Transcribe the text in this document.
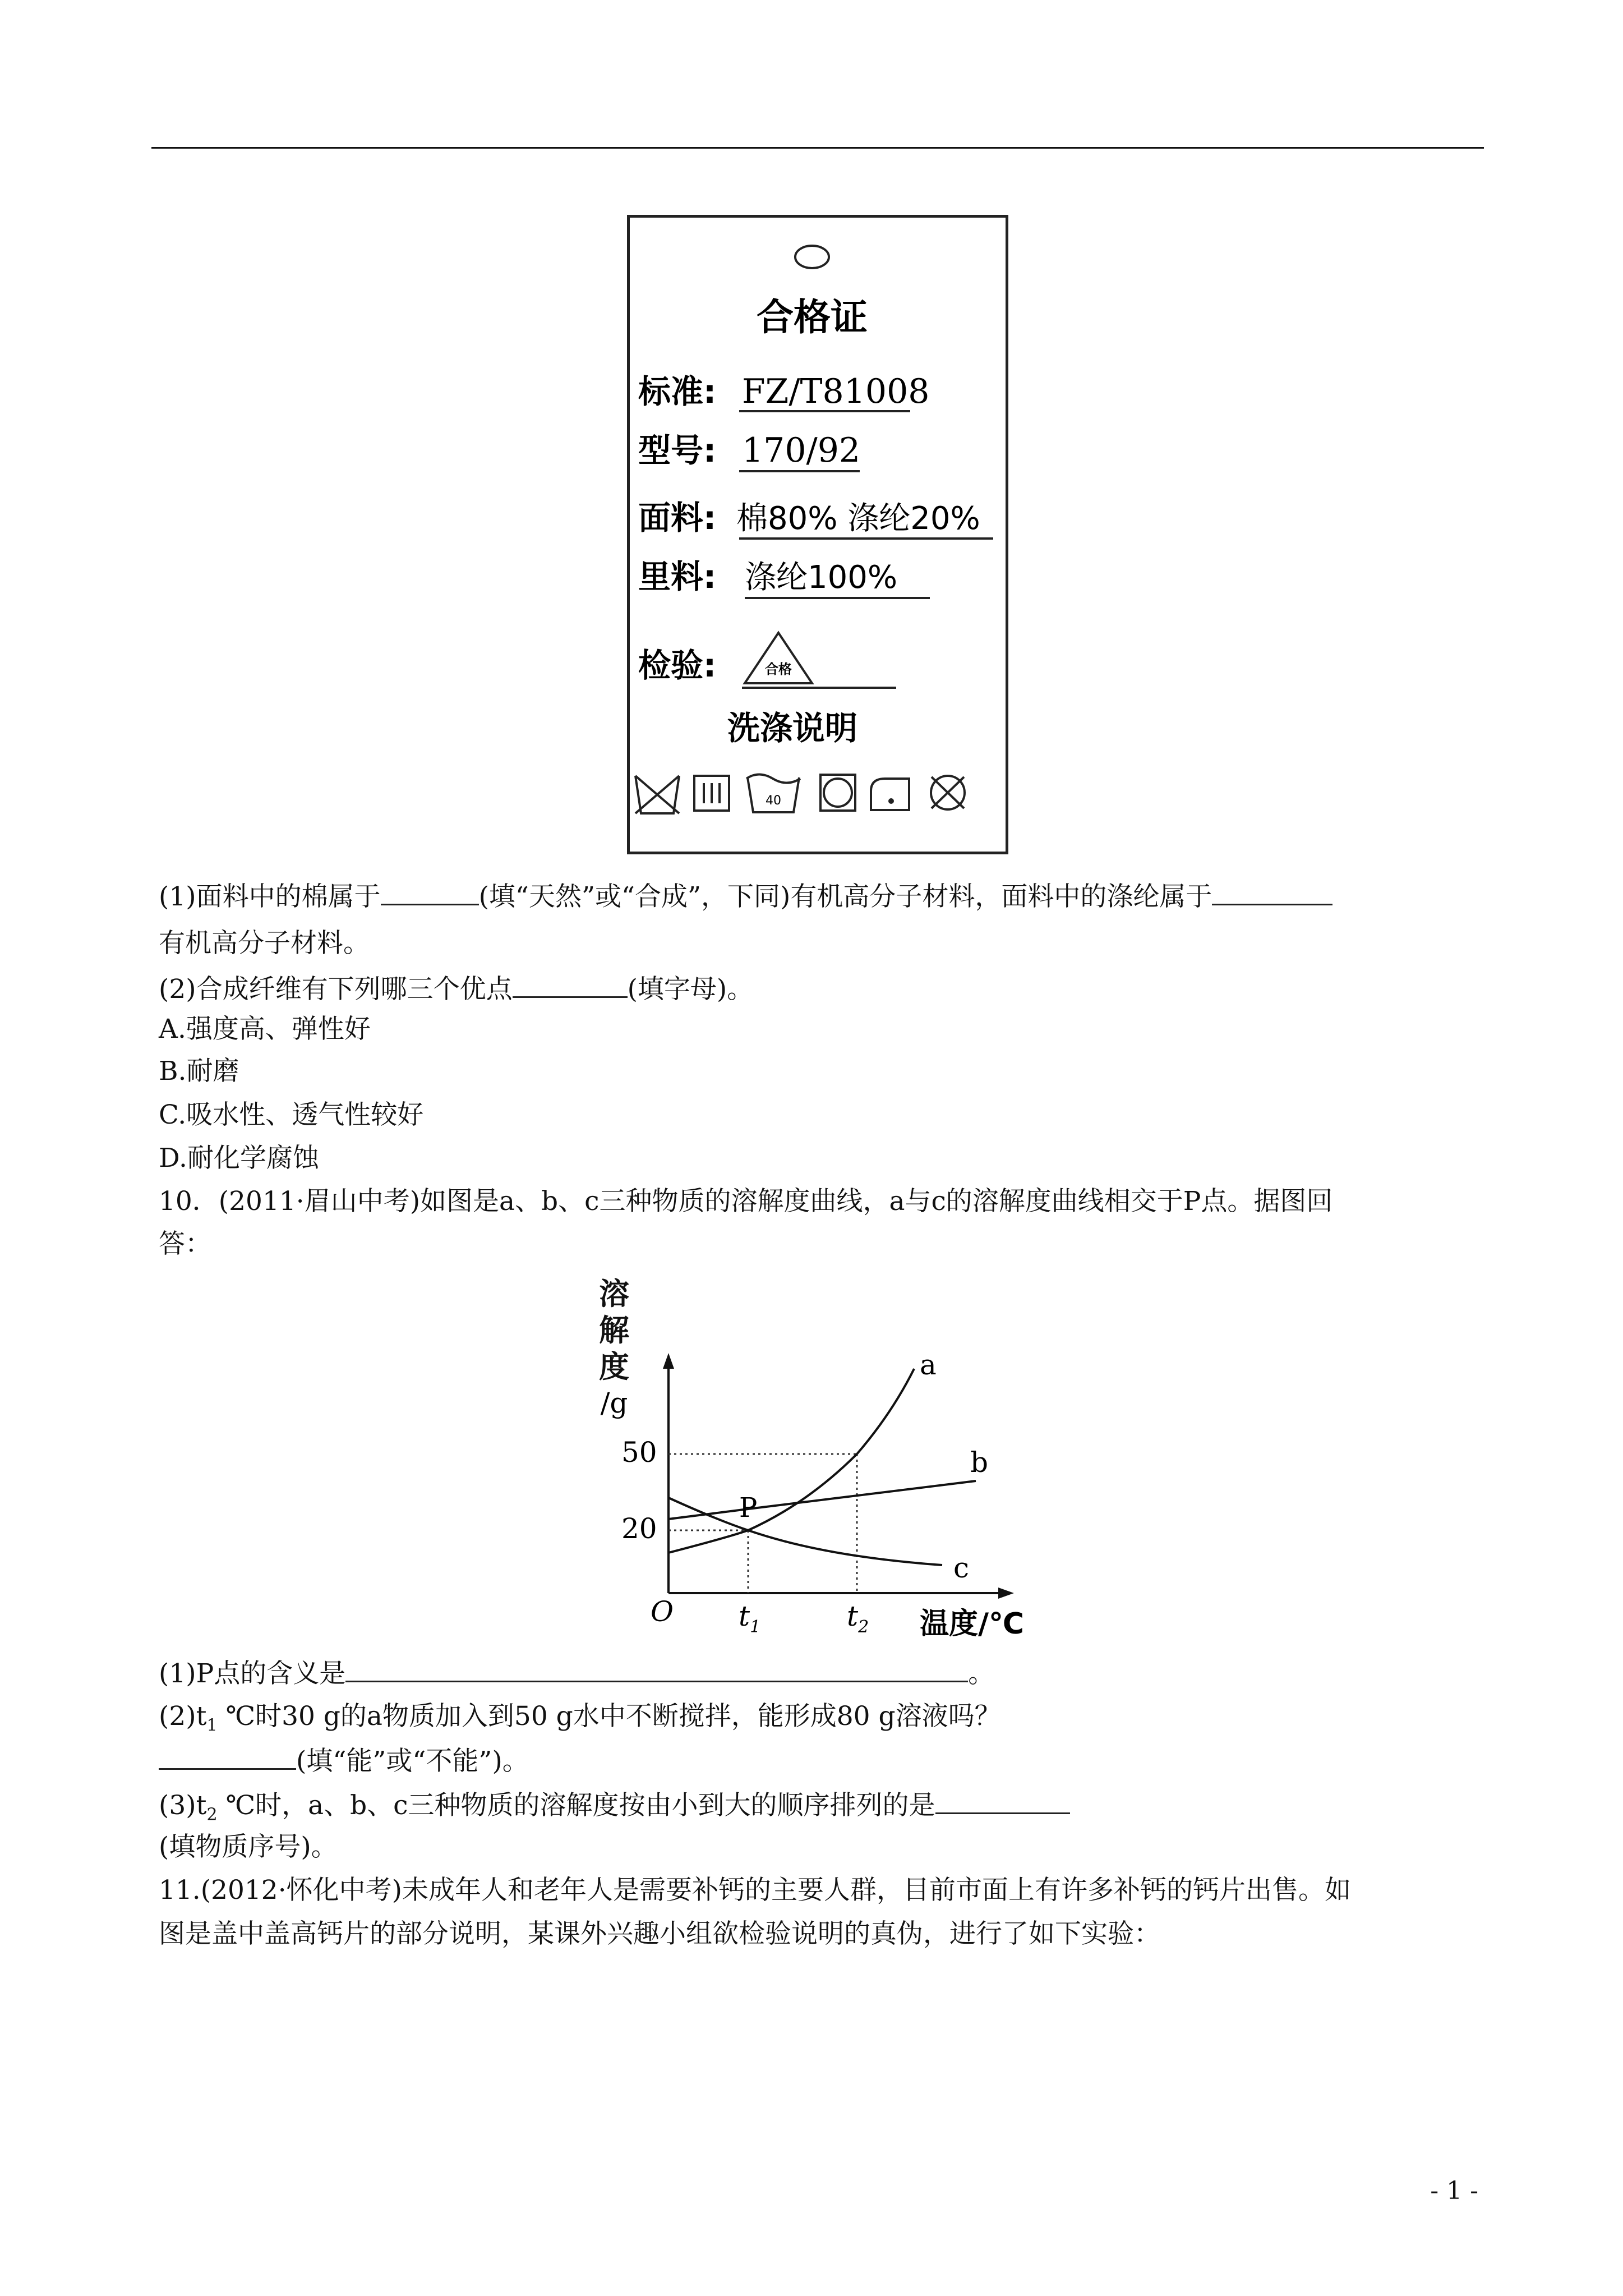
合格证
标准: FZ/T81008
型号: 170/92
面料: 棉80% 涤纶20%
里料: 涤纶100%
检验:	合格
洗涤说明
40
(1)面料中的棉属于	(填“天然”或“合成”，下同)有机高分子材料，面料中的涤纶属于
有机高分子材料。
(2)合成纤维有下列哪三个优点	(填字母)。
A.强度高、弹性好
B.耐磨
C.吸水性、透气性较好
D.耐化学腐蚀
10．(2011·眉山中考)如图是a、b、c三种物质的溶解度曲线，a与c的溶解度曲线相交于P点。据图回
答：
溶
解
度
/g
O
50
20
$t_1$	$t_2$ 温度/℃
a
b
c
P
(1)P点的含义是	。
$(2)t_1$ ℃时30 g的a物质加入到50 g水中不断搅拌，能形成80 g溶液吗？
(填“能”或“不能”)。
$(3)t_2$ ℃时，a、b、c三种物质的溶解度按由小到大的顺序排列的是
(填物质序号)。
11.(2012·怀化中考)未成年人和老年人是需要补钙的主要人群，目前市面上有许多补钙的钙片出售。如
图是盖中盖高钙片的部分说明，某课外兴趣小组欲检验说明的真伪，进行了如下实验：
- 1 -
